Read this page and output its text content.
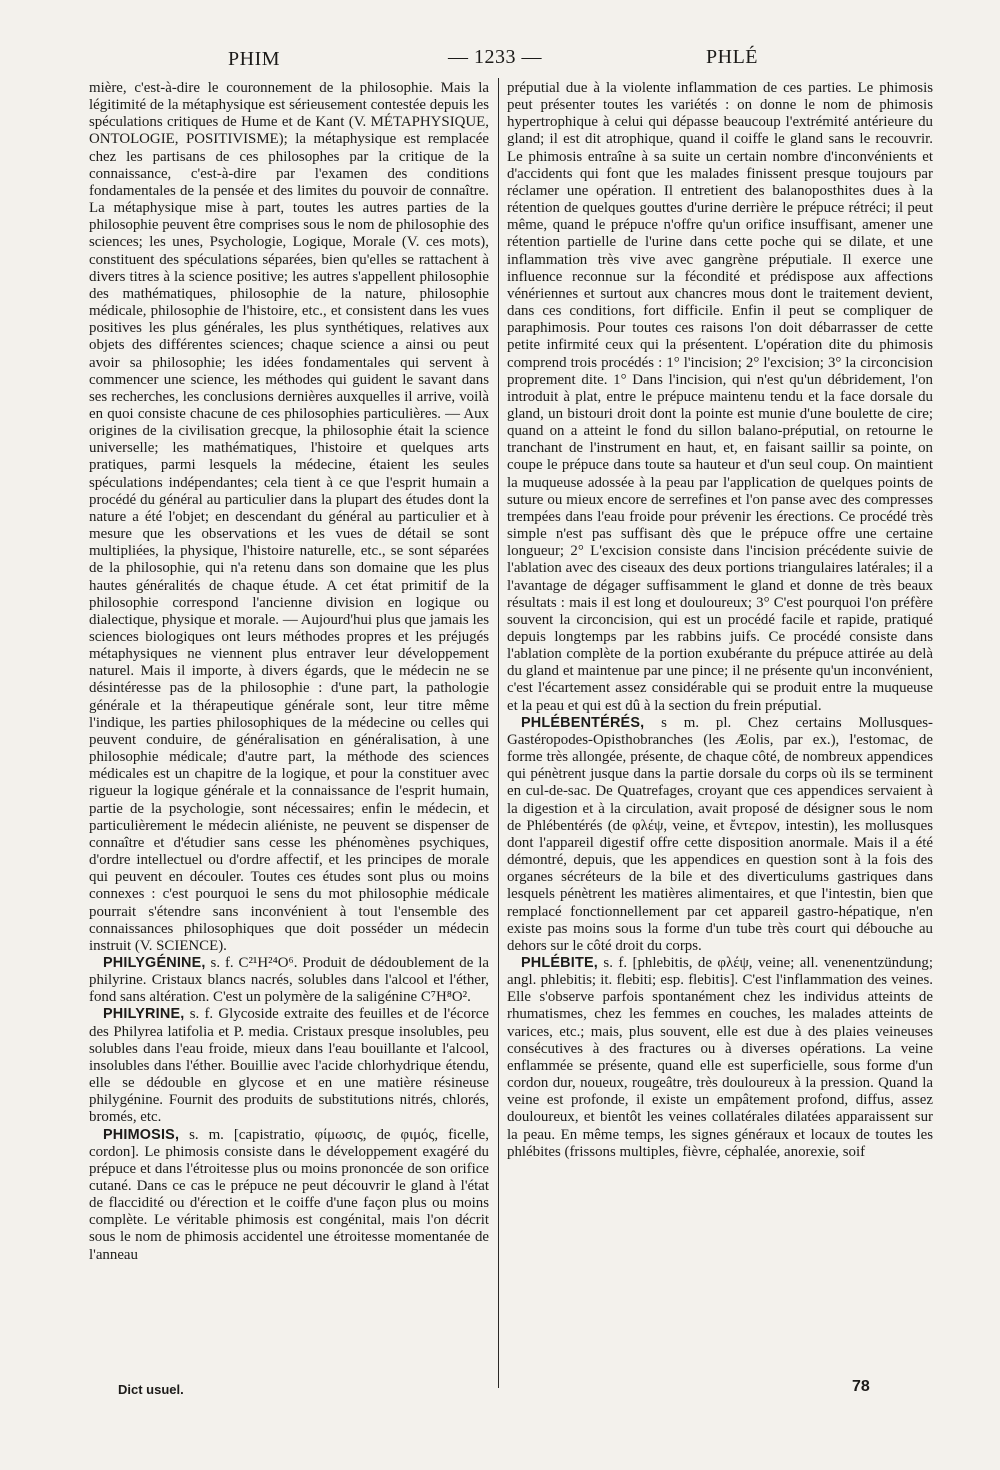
PHIM	— 1233 —	PHLÉ

mière, c'est-à-dire le couronnement de la philosophie. Mais la légitimité de la métaphysique est sérieusement contestée depuis les spéculations critiques de Hume et de Kant (V. MÉTAPHYSIQUE, ONTOLOGIE, POSITIVISME); la métaphysique est remplacée chez les partisans de ces philosophes par la critique de la connaissance, c'est-à-dire par l'examen des conditions fondamentales de la pensée et des limites du pouvoir de connaître. La métaphysique mise à part, toutes les autres parties de la philosophie peuvent être comprises sous le nom de philosophie des sciences; les unes, Psychologie, Logique, Morale (V. ces mots), constituent des spéculations séparées, bien qu'elles se rattachent à divers titres à la science positive; les autres s'appellent philosophie des mathématiques, philosophie de la nature, philosophie médicale, philosophie de l'histoire, etc., et consistent dans les vues positives les plus générales, les plus synthétiques, relatives aux objets des différentes sciences; chaque science a ainsi ou peut avoir sa philosophie; les idées fondamentales qui servent à commencer une science, les méthodes qui guident le savant dans ses recherches, les conclusions dernières auxquelles il arrive, voilà en quoi consiste chacune de ces philosophies particulières. — Aux origines de la civilisation grecque, la philosophie était la science universelle; les mathématiques, l'histoire et quelques arts pratiques, parmi lesquels la médecine, étaient les seules spéculations indépendantes; cela tient à ce que l'esprit humain a procédé du général au particulier dans la plupart des études dont la nature a été l'objet; en descendant du général au particulier et à mesure que les observations et les vues de détail se sont multipliées, la physique, l'histoire naturelle, etc., se sont séparées de la philosophie, qui n'a retenu dans son domaine que les plus hautes généralités de chaque étude. A cet état primitif de la philosophie correspond l'ancienne division en logique ou dialectique, physique et morale. — Aujourd'hui plus que jamais les sciences biologiques ont leurs méthodes propres et les préjugés métaphysiques ne viennent plus entraver leur développement naturel. Mais il importe, à divers égards, que le médecin ne se désintéresse pas de la philosophie : d'une part, la pathologie générale et la thérapeutique générale sont, leur titre même l'indique, les parties philosophiques de la médecine ou celles qui peuvent conduire, de généralisation en généralisation, à une philosophie médicale; d'autre part, la méthode des sciences médicales est un chapitre de la logique, et pour la constituer avec rigueur la logique générale et la connaissance de l'esprit humain, partie de la psychologie, sont nécessaires; enfin le médecin, et particulièrement le médecin aliéniste, ne peuvent se dispenser de connaître et d'étudier sans cesse les phénomènes psychiques, d'ordre intellectuel ou d'ordre affectif, et les principes de morale qui peuvent en découler. Toutes ces études sont plus ou moins connexes : c'est pourquoi le sens du mot philosophie médicale pourrait s'étendre sans inconvénient à tout l'ensemble des connaissances philosophiques que doit posséder un médecin instruit (V. SCIENCE).

PHILYGÉNINE, s. f. C²¹H²⁴O⁶. Produit de dédoublement de la philyrine. Cristaux blancs nacrés, solubles dans l'alcool et l'éther, fond sans altération. C'est un polymère de la saligénine C⁷H⁸O².

PHILYRINE, s. f. Glycoside extraite des feuilles et de l'écorce des Philyrea latifolia et P. media. Cristaux presque insolubles, peu solubles dans l'eau froide, mieux dans l'eau bouillante et l'alcool, insolubles dans l'éther. Bouillie avec l'acide chlorhydrique étendu, elle se dédouble en glycose et en une matière résineuse philygénine. Fournit des produits de substitutions nitrés, chlorés, bromés, etc.

PHIMOSIS, s. m. [capistratio, φίμωσις, de φιμός, ficelle, cordon]. Le phimosis consiste dans le développement exagéré du prépuce et dans l'étroitesse plus ou moins prononcée de son orifice cutané. Dans ce cas le prépuce ne peut découvrir le gland à l'état de flaccidité ou d'érection et le coiffe d'une façon plus ou moins complète. Le véritable phimosis est congénital, mais l'on décrit sous le nom de phimosis accidentel une étroitesse momentanée de l'anneau

préputial due à la violente inflammation de ces parties. Le phimosis peut présenter toutes les variétés : on donne le nom de phimosis hypertrophique à celui qui dépasse beaucoup l'extrémité antérieure du gland; il est dit atrophique, quand il coiffe le gland sans le recouvrir. Le phimosis entraîne à sa suite un certain nombre d'inconvénients et d'accidents qui font que les malades finissent presque toujours par réclamer une opération. Il entretient des balanoposthites dues à la rétention de quelques gouttes d'urine derrière le prépuce rétréci; il peut même, quand le prépuce n'offre qu'un orifice insuffisant, amener une rétention partielle de l'urine dans cette poche qui se dilate, et une inflammation très vive avec gangrène préputiale. Il exerce une influence reconnue sur la fécondité et prédispose aux affections vénériennes et surtout aux chancres mous dont le traitement devient, dans ces conditions, fort difficile. Enfin il peut se compliquer de paraphimosis. Pour toutes ces raisons l'on doit débarrasser de cette petite infirmité ceux qui la présentent. L'opération dite du phimosis comprend trois procédés : 1° l'incision; 2° l'excision; 3° la circoncision proprement dite. 1° Dans l'incision, qui n'est qu'un débridement, l'on introduit à plat, entre le prépuce maintenu tendu et la face dorsale du gland, un bistouri droit dont la pointe est munie d'une boulette de cire; quand on a atteint le fond du sillon balano-préputial, on retourne le tranchant de l'instrument en haut, et, en faisant saillir sa pointe, on coupe le prépuce dans toute sa hauteur et d'un seul coup. On maintient la muqueuse adossée à la peau par l'application de quelques points de suture ou mieux encore de serrefines et l'on panse avec des compresses trempées dans l'eau froide pour prévenir les érections. Ce procédé très simple n'est pas suffisant dès que le prépuce offre une certaine longueur; 2° L'excision consiste dans l'incision précédente suivie de l'ablation avec des ciseaux des deux portions triangulaires latérales; il a l'avantage de dégager suffisamment le gland et donne de très beaux résultats : mais il est long et douloureux; 3° C'est pourquoi l'on préfère souvent la circoncision, qui est un procédé facile et rapide, pratiqué depuis longtemps par les rabbins juifs. Ce procédé consiste dans l'ablation complète de la portion exubérante du prépuce attirée au delà du gland et maintenue par une pince; il ne présente qu'un inconvénient, c'est l'écartement assez considérable qui se produit entre la muqueuse et la peau et qui est dû à la section du frein préputial.

PHLÉBENTÉRÉS, s m. pl. Chez certains Mollusques-Gastéropodes-Opisthobranches (les Æolis, par ex.), l'estomac, de forme très allongée, présente, de chaque côté, de nombreux appendices qui pénètrent jusque dans la partie dorsale du corps où ils se terminent en cul-de-sac. De Quatrefages, croyant que ces appendices servaient à la digestion et à la circulation, avait proposé de désigner sous le nom de Phlébentérés (de φλέψ, veine, et ἔντερον, intestin), les mollusques dont l'appareil digestif offre cette disposition anormale. Mais il a été démontré, depuis, que les appendices en question sont à la fois des organes sécréteurs de la bile et des diverticulums gastriques dans lesquels pénètrent les matières alimentaires, et que l'intestin, bien que remplacé fonctionnellement par cet appareil gastro-hépatique, n'en existe pas moins sous la forme d'un tube très court qui débouche au dehors sur le côté droit du corps.

PHLÉBITE, s. f. [phlebitis, de φλέψ, veine; all. venenentzündung; angl. phlebitis; it. flebiti; esp. flebitis]. C'est l'inflammation des veines. Elle s'observe parfois spontanément chez les individus atteints de rhumatismes, chez les femmes en couches, les malades atteints de varices, etc.; mais, plus souvent, elle est due à des plaies veineuses consécutives à des fractures ou à diverses opérations. La veine enflammée se présente, quand elle est superficielle, sous forme d'un cordon dur, noueux, rougeâtre, très douloureux à la pression. Quand la veine est profonde, il existe un empâtement profond, diffus, assez douloureux, et bientôt les veines collatérales dilatées apparaissent sur la peau. En même temps, les signes généraux et locaux de toutes les phlébites (frissons multiples, fièvre, céphalée, anorexie, soif

Dict usuel.	78
